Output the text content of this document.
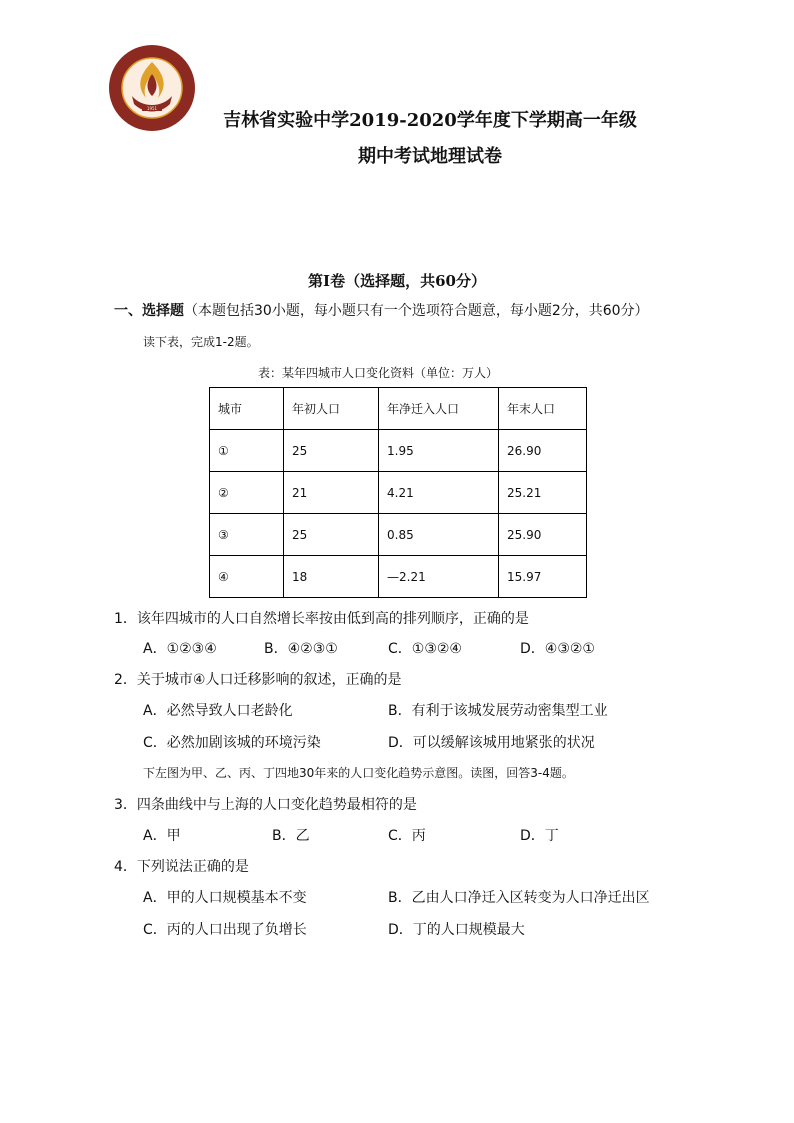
1951
吉林省实验中学2019-2020学年度下学期高一年级
期中考试地理试卷
第Ⅰ卷（选择题，共60分）
一、选择题（本题包括30小题，每小题只有一个选项符合题意，每小题2分，共60分）
读下表，完成1-2题。
表：某年四城市人口变化资料（单位：万人）
城市	年初人口	年净迁入人口	年末人口
①	25	1.95	26.90
②	21	4.21	25.21
③	25	0.85	25.90
④	18	—2.21	15.97
1．该年四城市的人口自然增长率按由低到高的排列顺序，正确的是
A．①②③④	B．④②③①	C．①③②④	D．④③②①
2．关于城市④人口迁移影响的叙述，正确的是
A．必然导致人口老龄化	B．有利于该城发展劳动密集型工业
C．必然加剧该城的环境污染	D．可以缓解该城用地紧张的状况
下左图为甲、乙、丙、丁四地30年来的人口变化趋势示意图。读图，回答3-4题。
3．四条曲线中与上海的人口变化趋势最相符的是
A．甲	B．乙	C．丙	D．丁
4．下列说法正确的是
A．甲的人口规模基本不变	B．乙由人口净迁入区转变为人口净迁出区
C．丙的人口出现了负增长	D．丁的人口规模最大
